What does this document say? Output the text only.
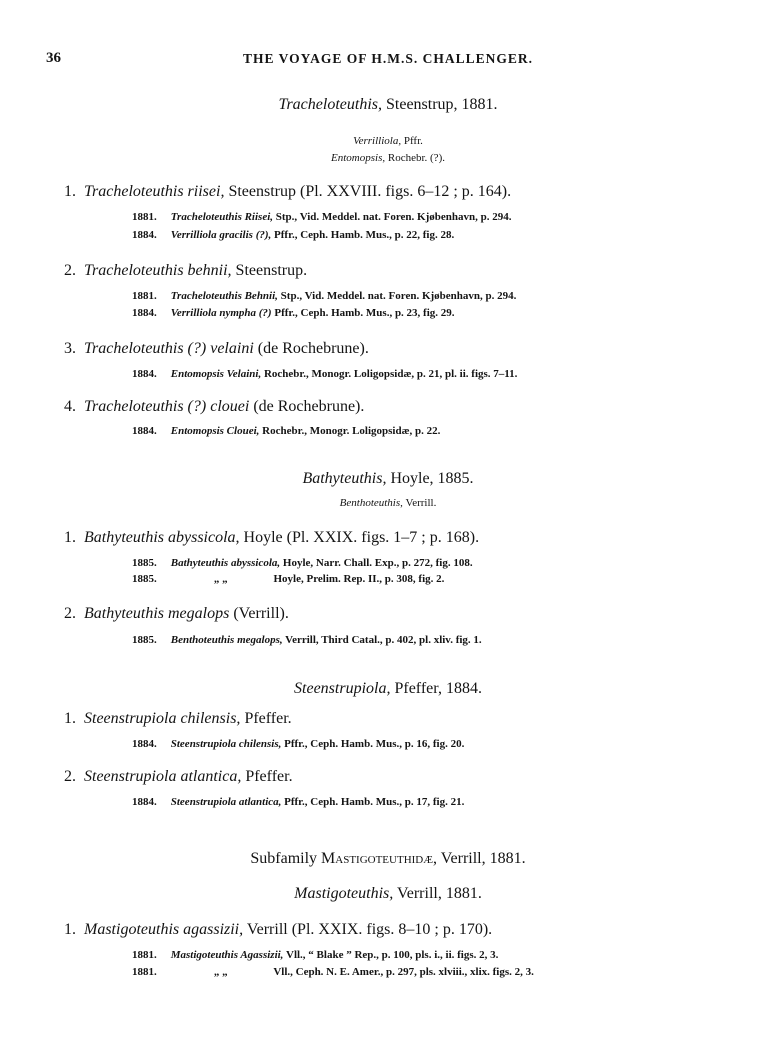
36	THE VOYAGE OF H.M.S. CHALLENGER.
Tracheloteuthis, Steenstrup, 1881.
Verrilliola, Pffr.
Entomopsis, Rochebr. (?).
1. Tracheloteuthis riisei, Steenstrup (Pl. XXVIII. figs. 6–12 ; p. 164).
1881. Tracheloteuthis Riisei, Stp., Vid. Meddel. nat. Foren. Kjøbenhavn, p. 294.
1884. Verrilliola gracilis (?), Pffr., Ceph. Hamb. Mus., p. 22, fig. 28.
2. Tracheloteuthis behnii, Steenstrup.
1881. Tracheloteuthis Behnii, Stp., Vid. Meddel. nat. Foren. Kjøbenhavn, p. 294.
1884. Verrilliola nympha (?) Pffr., Ceph. Hamb. Mus., p. 23, fig. 29.
3. Tracheloteuthis (?) velaini (de Rochebrune).
1884. Entomopsis Velaini, Rochebr., Monogr. Loligopsidæ, p. 21, pl. ii. figs. 7–11.
4. Tracheloteuthis (?) clouei (de Rochebrune).
1884. Entomopsis Clouei, Rochebr., Monogr. Loligopsidæ, p. 22.
Bathyteuthis, Hoyle, 1885.
Benthoteuthis, Verrill.
1. Bathyteuthis abyssicola, Hoyle (Pl. XXIX. figs. 1–7 ; p. 168).
1885. Bathyteuthis abyssicola, Hoyle, Narr. Chall. Exp., p. 272, fig. 108.
1885.	„ „	Hoyle, Prelim. Rep. II., p. 308, fig. 2.
2. Bathyteuthis megalops (Verrill).
1885. Benthoteuthis megalops, Verrill, Third Catal., p. 402, pl. xliv. fig. 1.
Steenstrupiola, Pfeffer, 1884.
1. Steenstrupiola chilensis, Pfeffer.
1884. Steenstrupiola chilensis, Pffr., Ceph. Hamb. Mus., p. 16, fig. 20.
2. Steenstrupiola atlantica, Pfeffer.
1884. Steenstrupiola atlantica, Pffr., Ceph. Hamb. Mus., p. 17, fig. 21.
Subfamily Mastigoteuthidæ, Verrill, 1881.
Mastigoteuthis, Verrill, 1881.
1. Mastigoteuthis agassizii, Verrill (Pl. XXIX. figs. 8–10 ; p. 170).
1881. Mastigoteuthis Agassizii, Vll., “ Blake ” Rep., p. 100, pls. i., ii. figs. 2, 3.
1881.	„ „	Vll., Ceph. N. E. Amer., p. 297, pls. xlviii., xlix. figs. 2, 3.
